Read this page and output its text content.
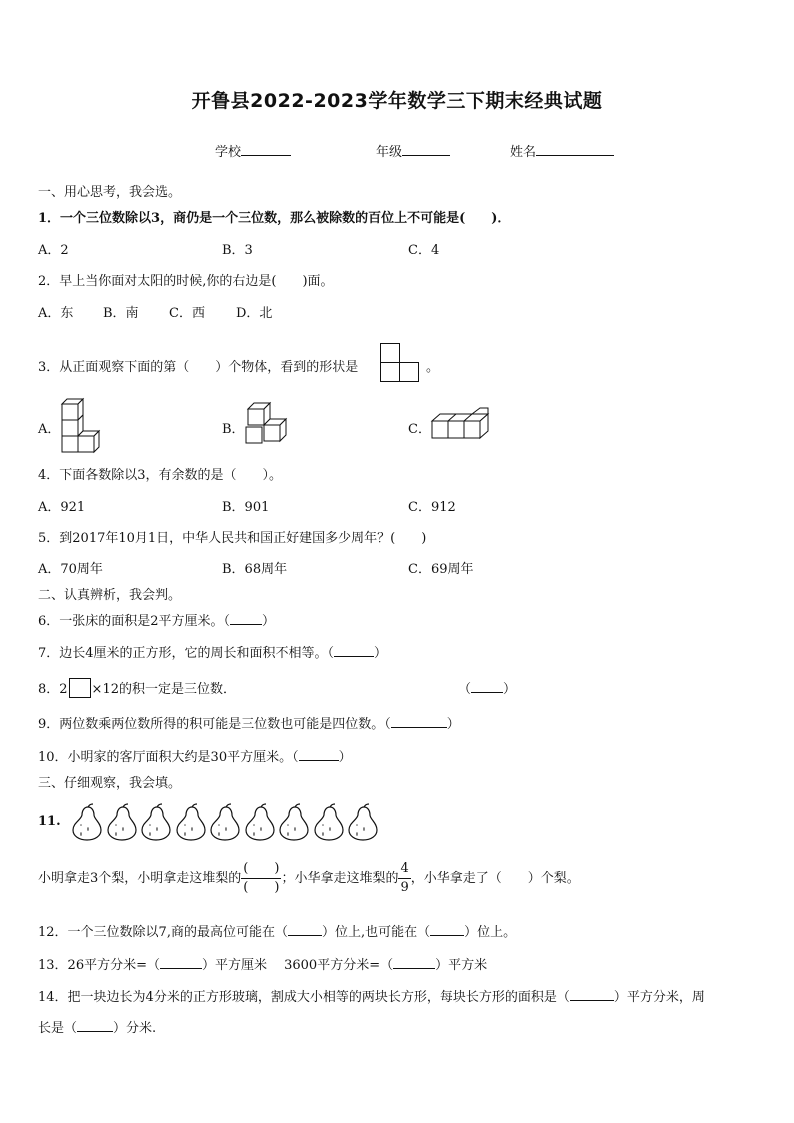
开鲁县2022-2023学年数学三下期末经典试题
学校	年级	姓名
一、用心思考，我会选。
1．一个三位数除以3，商仍是一个三位数，那么被除数的百位上不可能是(　　)．
A．2	B．3	C．4
2．早上当你面对太阳的时候,你的右边是(　　)面。
A．东 B．南 C．西 D．北
3．从正面观察下面的第（　　）个物体，看到的形状是	。
A．	B．	C．
4．下面各数除以3，有余数的是（　　）。
A．921	B．901	C．912
5．到2017年10月1日，中华人民共和国正好建国多少周年？(　　)
A．70周年	B．68周年	C．69周年
二、认真辨析，我会判。
6．一张床的面积是2平方厘米。（ ）
7．边长4厘米的正方形，它的周长和面积不相等。（	）
8．2 ×12的积一定是三位数．	（ ）
9．两位数乘两位数所得的积可能是三位数也可能是四位数。（	）
10．小明家的客厅面积大约是30平方厘米。（	）
三、仔细观察，我会填。
11.
小明拿走3个梨，小明拿走这堆梨的 $\frac{( )}{( )}$ ；小华拿走这堆梨的 $\frac{4}{9}$ ，小华拿走了（　　）个梨。
12．一个三位数除以7,商的最高位可能在（	）位上,也可能在（	）位上。
13．26平方分米=（	）平方厘米　 3600平方分米=（	）平方米
14．把一块边长为4分米的正方形玻璃，割成大小相等的两块长方形，每块长方形的面积是（	）平方分米，周
长是（	）分米.
